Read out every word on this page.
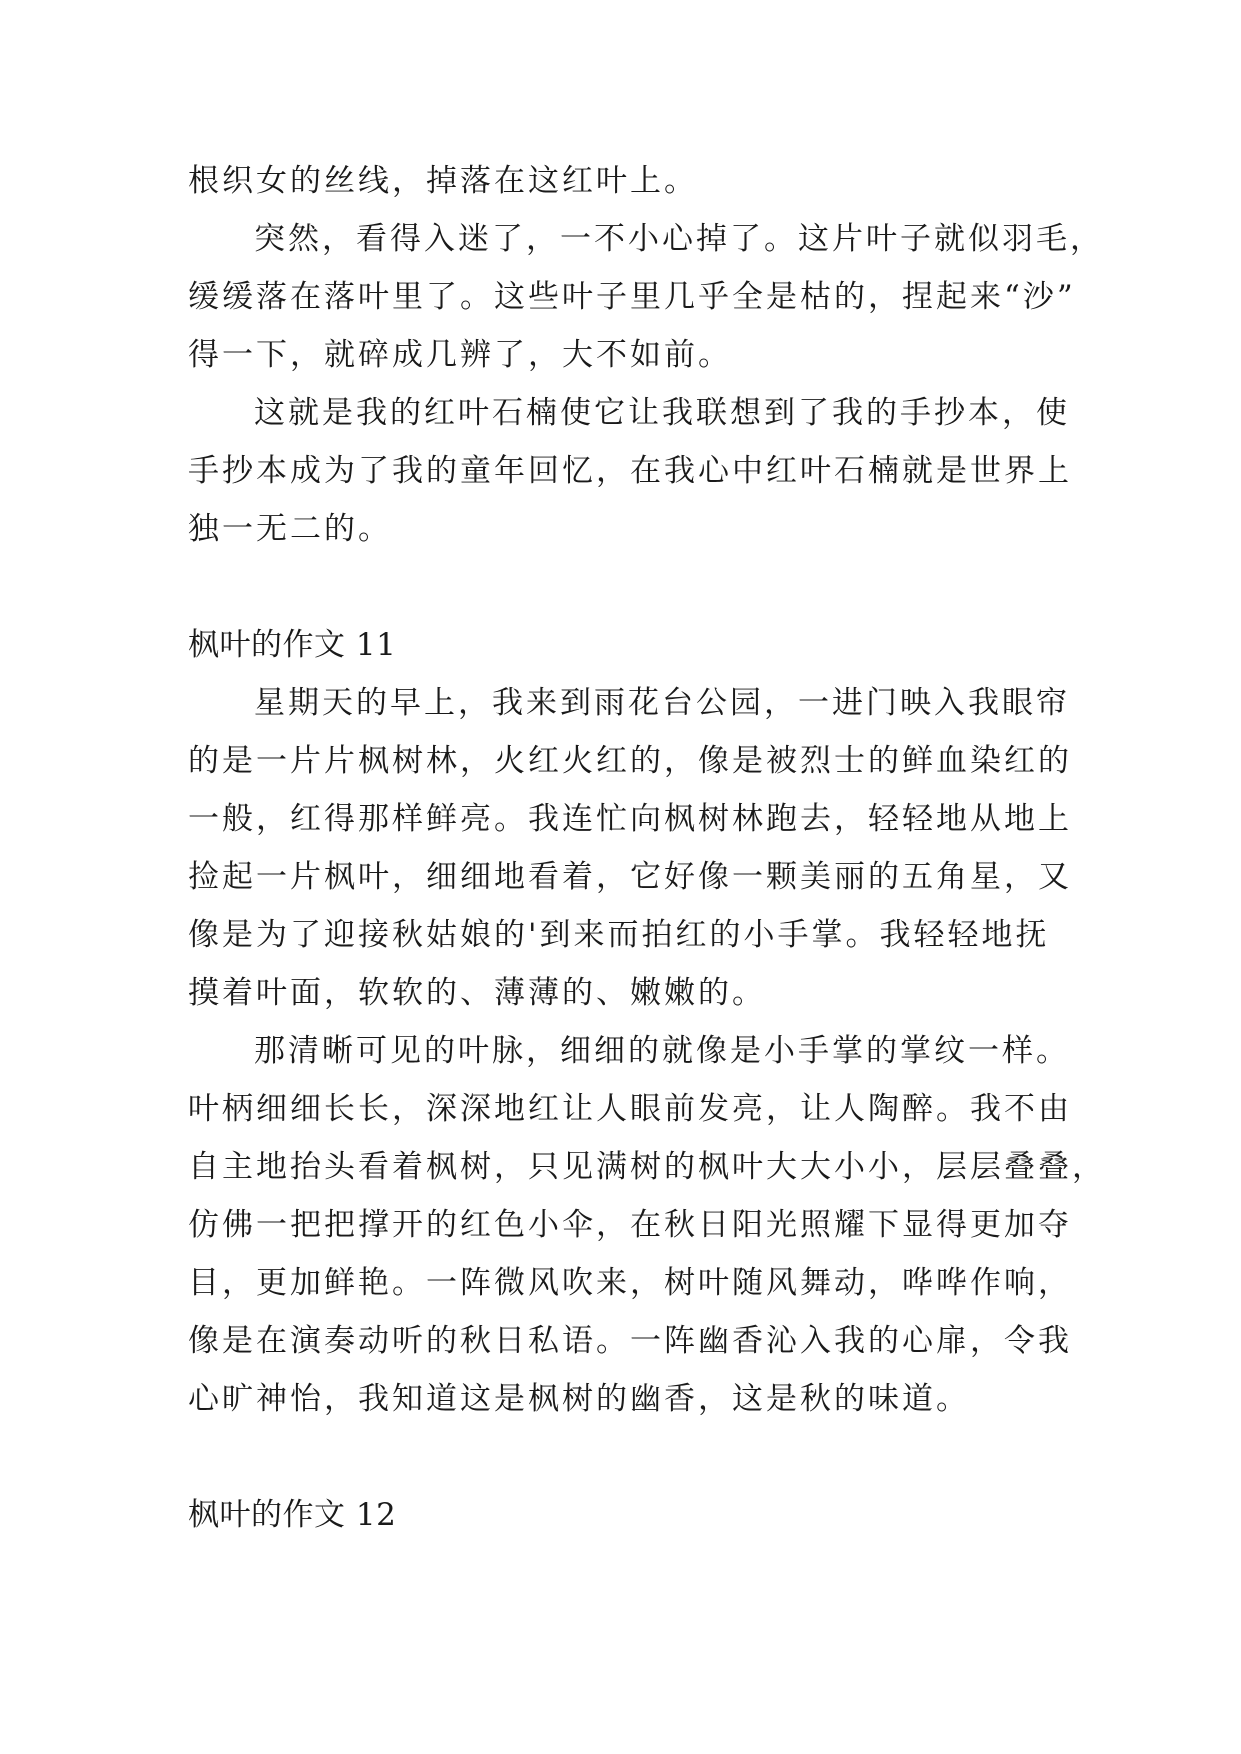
根织女的丝线，掉落在这红叶上。
突然，看得入迷了，一不小心掉了。这片叶子就似羽毛，
缓缓落在落叶里了。这些叶子里几乎全是枯的，捏起来“沙”
得一下，就碎成几辨了，大不如前。
这就是我的红叶石楠使它让我联想到了我的手抄本，使
手抄本成为了我的童年回忆，在我心中红叶石楠就是世界上
独一无二的。
枫叶的作文 11
星期天的早上，我来到雨花台公园，一进门映入我眼帘
的是一片片枫树林，火红火红的，像是被烈士的鲜血染红的
一般，红得那样鲜亮。我连忙向枫树林跑去，轻轻地从地上
捡起一片枫叶，细细地看着，它好像一颗美丽的五角星，又
像是为了迎接秋姑娘的'到来而拍红的小手掌。我轻轻地抚
摸着叶面，软软的、薄薄的、嫩嫩的。
那清晰可见的叶脉，细细的就像是小手掌的掌纹一样。
叶柄细细长长，深深地红让人眼前发亮，让人陶醉。我不由
自主地抬头看着枫树，只见满树的枫叶大大小小，层层叠叠，
仿佛一把把撑开的红色小伞，在秋日阳光照耀下显得更加夺
目，更加鲜艳。一阵微风吹来，树叶随风舞动，哗哗作响，
像是在演奏动听的秋日私语。一阵幽香沁入我的心扉，令我
心旷神怡，我知道这是枫树的幽香，这是秋的味道。
枫叶的作文 12
